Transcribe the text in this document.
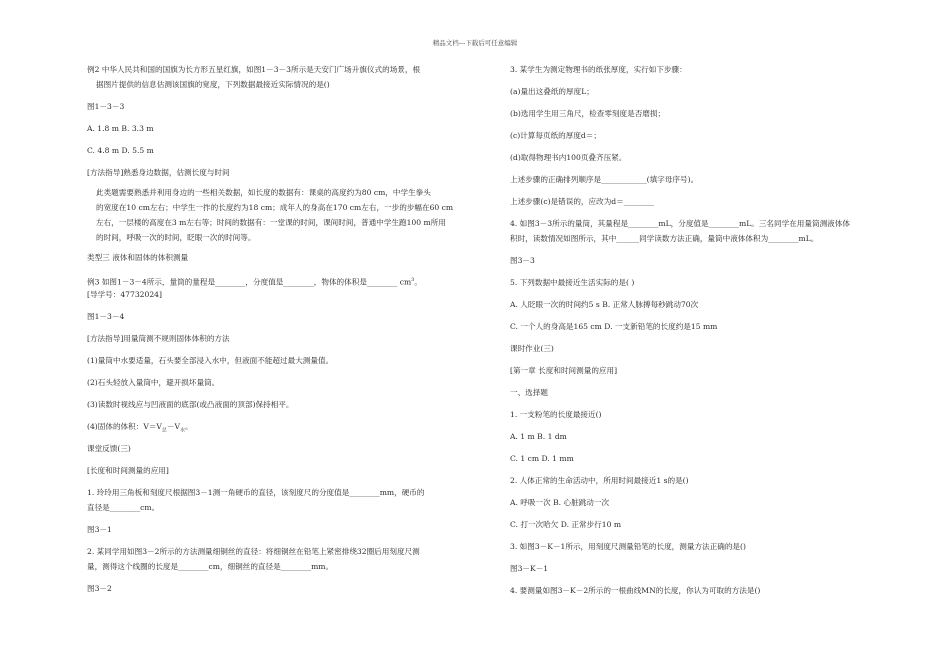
精品文档---下载后可任意编辑
例2 中华人民共和国的国旗为长方形五星红旗，如图1－3－3所示是天安门广场升旗仪式的场景，根
据图片提供的信息估测该国旗的宽度，下列数据最接近实际情况的是()
图1－3－3
A. 1.8 m B. 3.3 m
C. 4.8 m D. 5.5 m
[方法指导]熟悉身边数据，估测长度与时间
此类题需要熟悉并利用身边的一些相关数据，如长度的数据有：课桌的高度约为80 cm，中学生拳头
的宽度在10 cm左右；中学生一拃的长度约为18 cm；成年人的身高在170 cm左右，一步的步幅在60 cm
左右，一层楼的高度在3 m左右等；时间的数据有：一堂课的时间，课间时间，普通中学生跑100 m所用
的时间，呼吸一次的时间，眨眼一次的时间等。
类型三 液体和固体的体积测量
例3 如图1－3－4所示，量筒的量程是________，分度值是________，物体的体积是________ $cm^3$。
[导学号：47732024]
图1－3－4
[方法指导]用量筒测不规则固体体积的方法
(1)量筒中水要适量，石头要全部浸入水中，但液面不能超过最大测量值。
(2)石头轻放入量筒中，避开损坏量筒。
(3)读数时视线应与凹液面的底部(或凸液面的顶部)保持相平。
(4)固体的体积：$V=V_总-V_水$。
课堂反馈(三)
[长度和时间测量的应用]
1. 玲玲用三角板和刻度尺根据图3－1测一角硬币的直径，该刻度尺的分度值是________mm，硬币的
直径是________cm。
图3－1
2. 某同学用如图3－2所示的方法测量细铜丝的直径：将细铜丝在铅笔上紧密排绕32圈后用刻度尺测
量，测得这个线圈的长度是________cm，细铜丝的直径是________mm。
图3－2
3. 某学生为测定物理书的纸张厚度，实行如下步骤：
(a)量出这叠纸的厚度L；
(b)选用学生用三角尺，检查零刻度是否磨损；
(c)计算每页纸的厚度d＝；
(d)取得物理书内100页叠齐压紧。
上述步骤的正确排列顺序是____________(填字母序号)。
上述步骤(c)是错误的，应改为d＝________
4. 如图3－3所示的量筒，其量程是________mL，分度值是________mL。三名同学在用量筒测液体体
积时，读数情况如图所示，其中______同学读数方法正确，量筒中液体体积为________mL。
图3－3
5. 下列数据中最接近生活实际的是( )
A. 人眨眼一次的时间约5 s B. 正常人脉搏每秒跳动70次
C. 一个人的身高是165 cm D. 一支新铅笔的长度约是15 mm
课时作业(三)
[第一章 长度和时间测量的应用]
一、选择题
1. 一支粉笔的长度最接近()
A. 1 m B. 1 dm
C. 1 cm D. 1 mm
2. 人体正常的生命活动中，所用时间最接近1 s的是()
A. 呼吸一次 B. 心脏跳动一次
C. 打一次哈欠 D. 正常步行10 m
3. 如图3－K－1所示，用刻度尺测量铅笔的长度，测量方法正确的是()
图3－K－1
4. 要测量如图3－K－2所示的一根曲线MN的长度，你认为可取的方法是()
